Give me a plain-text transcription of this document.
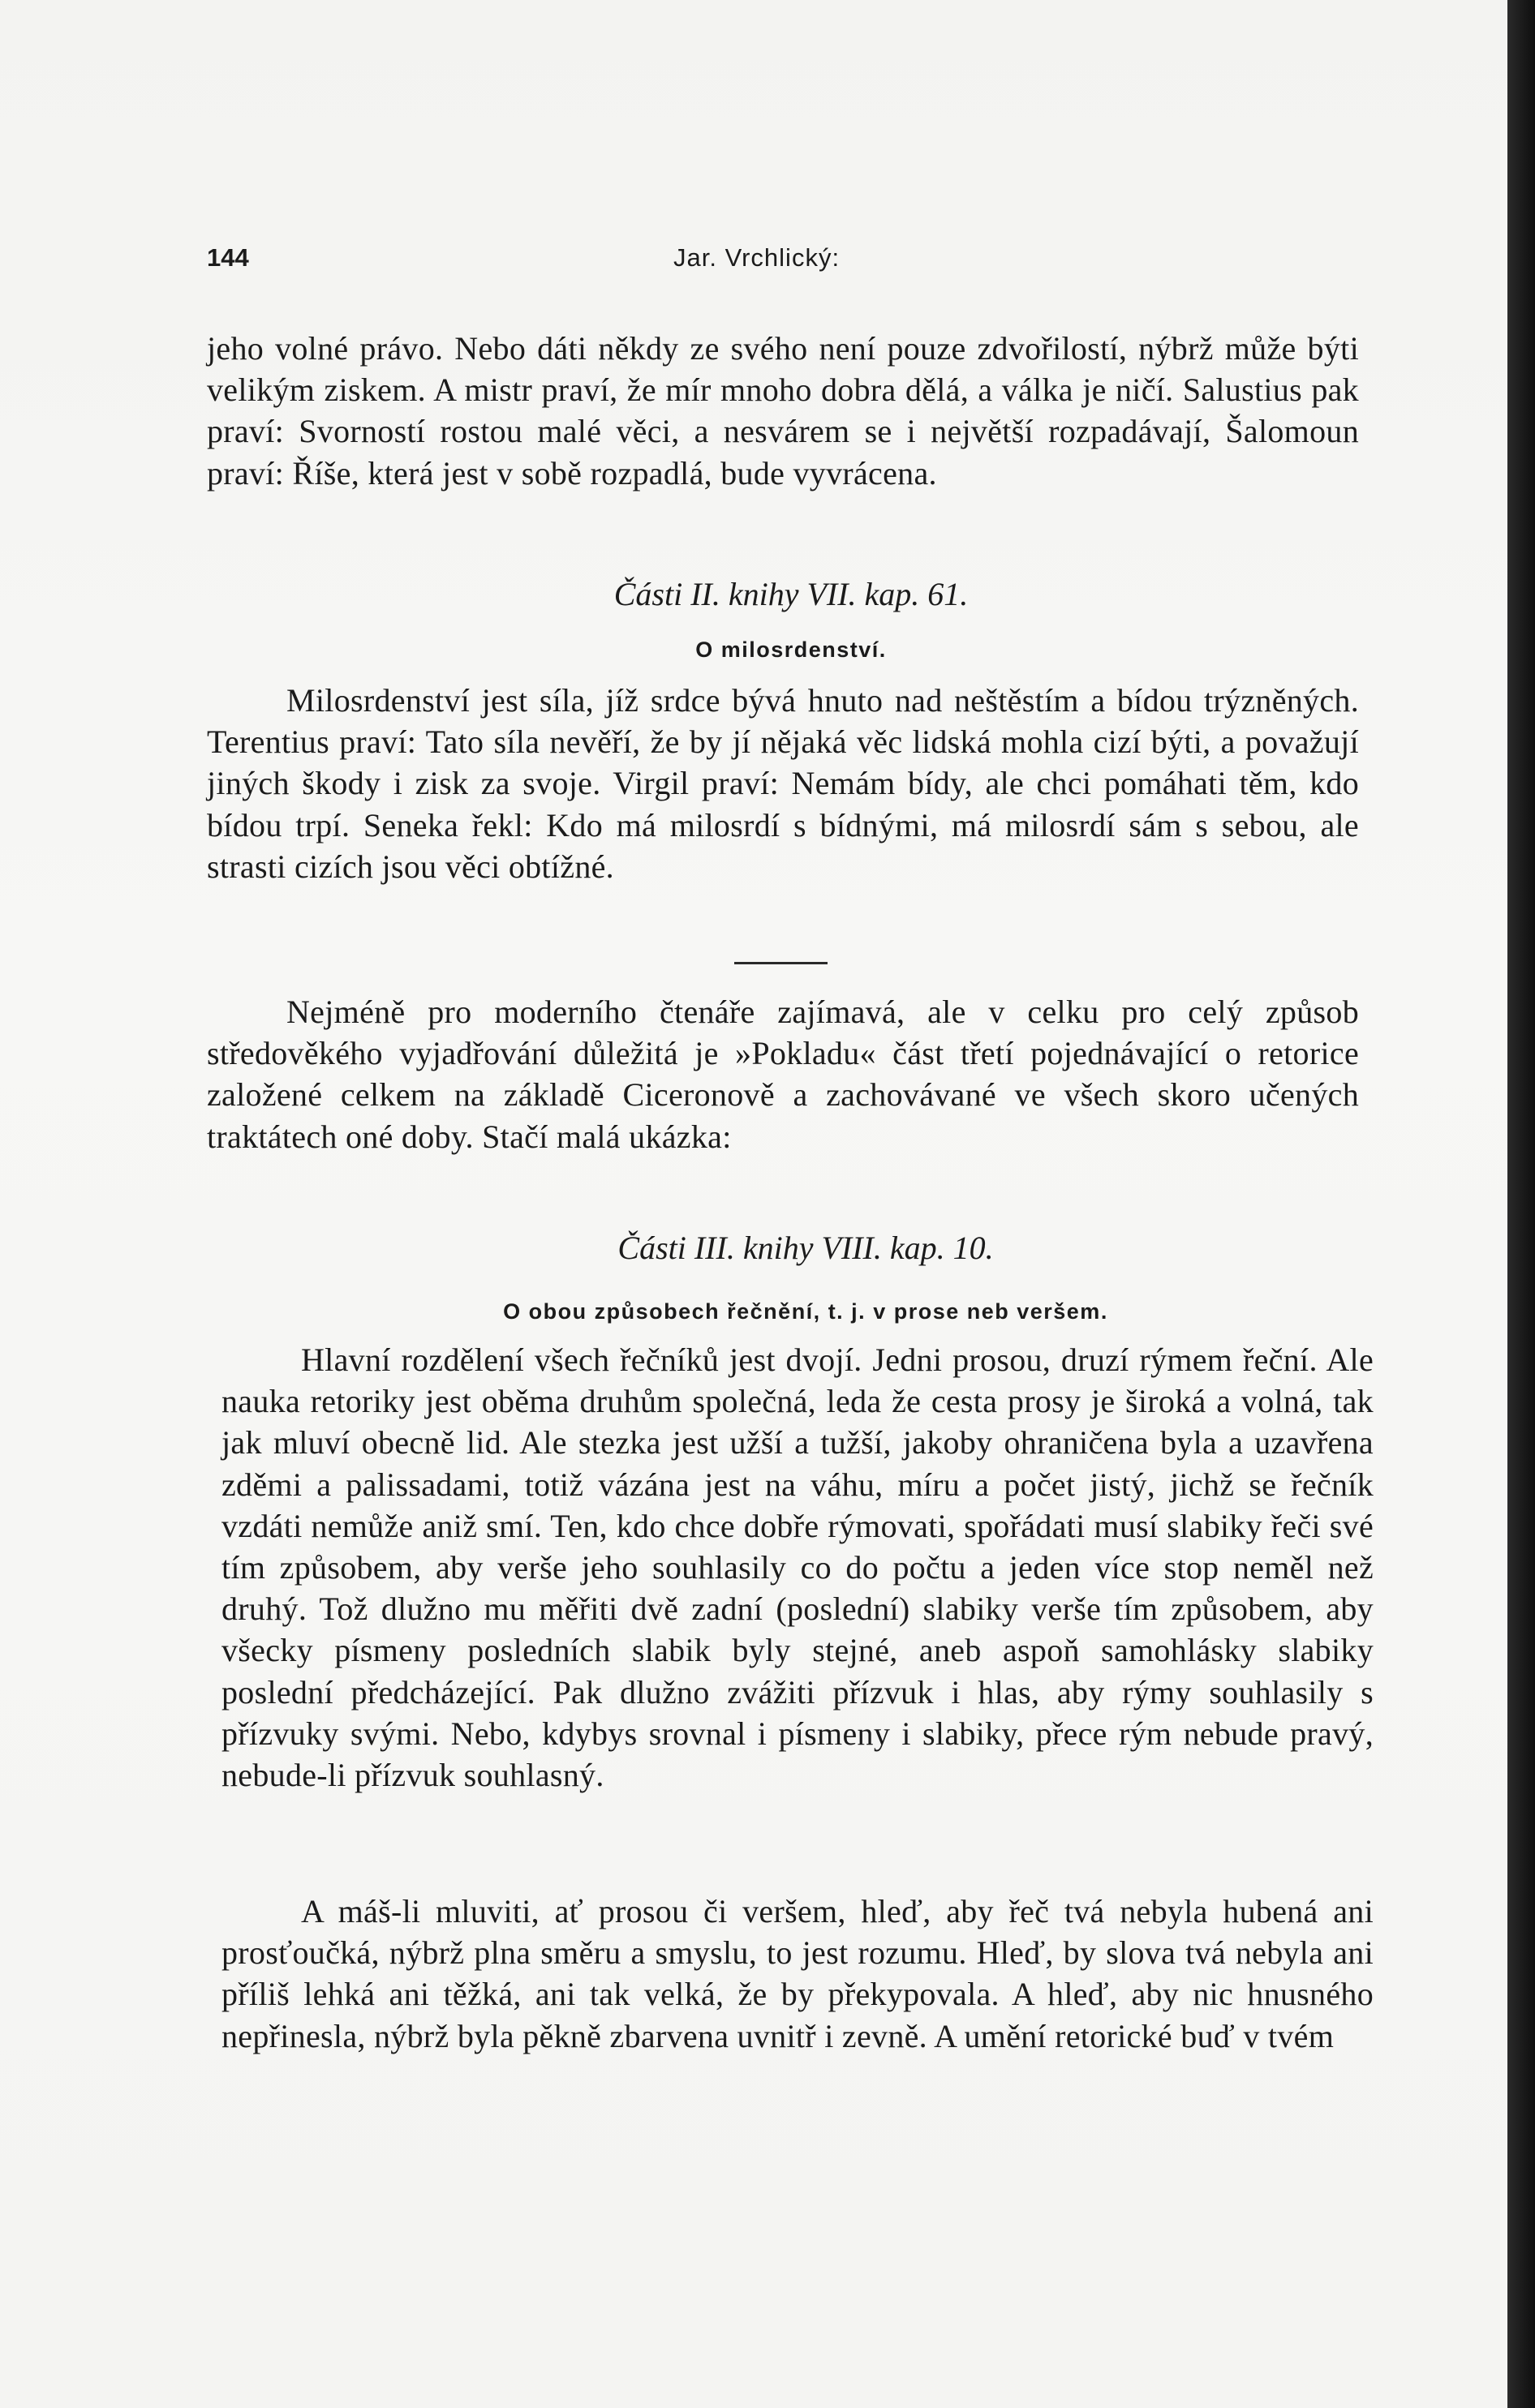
144	Jar. Vrchlický:

jeho volné právo. Nebo dáti někdy ze svého není pouze zdvořilostí, nýbrž může býti velikým ziskem. A mistr praví, že mír mnoho dobra dělá, a válka je ničí. Salustius pak praví: Svorností rostou malé věci, a nesvárem se i největší rozpadávají, Šalomoun praví: Říše, která jest v sobě rozpadlá, bude vyvrácena.

Části II. knihy VII. kap. 61.
O milosrdenství.

Milosrdenství jest síla, jíž srdce bývá hnuto nad neštěstím a bídou trýzněných. Terentius praví: Tato síla nevěří, že by jí nějaká věc lidská mohla cizí býti, a považují jiných škody i zisk za svoje. Virgil praví: Nemám bídy, ale chci pomáhati těm, kdo bídou trpí. Seneka řekl: Kdo má milosrdí s bídnými, má milosrdí sám s sebou, ale strasti cizích jsou věci obtížné.

Nejméně pro moderního čtenáře zajímavá, ale v celku pro celý způsob středověkého vyjadřování důležitá je »Pokladu« část třetí pojednávající o retorice založené celkem na základě Ciceronově a zachovávané ve všech skoro učených traktátech oné doby. Stačí malá ukázka:

Části III. knihy VIII. kap. 10.
O obou způsobech řečnění, t. j. v prose neb veršem.

Hlavní rozdělení všech řečníků jest dvojí. Jedni prosou, druzí rýmem řeční. Ale nauka retoriky jest oběma druhům společná, leda že cesta prosy je široká a volná, tak jak mluví obecně lid. Ale stezka jest užší a tužší, jakoby ohraničena byla a uzavřena zděmi a palissadami, totiž vázána jest na váhu, míru a počet jistý, jichž se řečník vzdáti nemůže aniž smí. Ten, kdo chce dobře rýmovati, spořádati musí slabiky řeči své tím způsobem, aby verše jeho souhlasily co do počtu a jeden více stop neměl než druhý. Tož dlužno mu měřiti dvě zadní (poslední) slabiky verše tím způsobem, aby všecky písmeny posledních slabik byly stejné, aneb aspoň samohlásky slabiky poslední předcházející. Pak dlužno zvážiti přízvuk i hlas, aby rýmy souhlasily s přízvuky svými. Nebo, kdybys srovnal i písmeny i slabiky, přece rým nebude pravý, nebude-li přízvuk souhlasný.

A máš-li mluviti, ať prosou či veršem, hleď, aby řeč tvá nebyla hubená ani prosťoučká, nýbrž plna směru a smyslu, to jest rozumu. Hleď, by slova tvá nebyla ani příliš lehká ani těžká, ani tak velká, že by překypovala. A hleď, aby nic hnusného nepřinesla, nýbrž byla pěkně zbarvena uvnitř i zevně. A umění retorické buď v tvém
